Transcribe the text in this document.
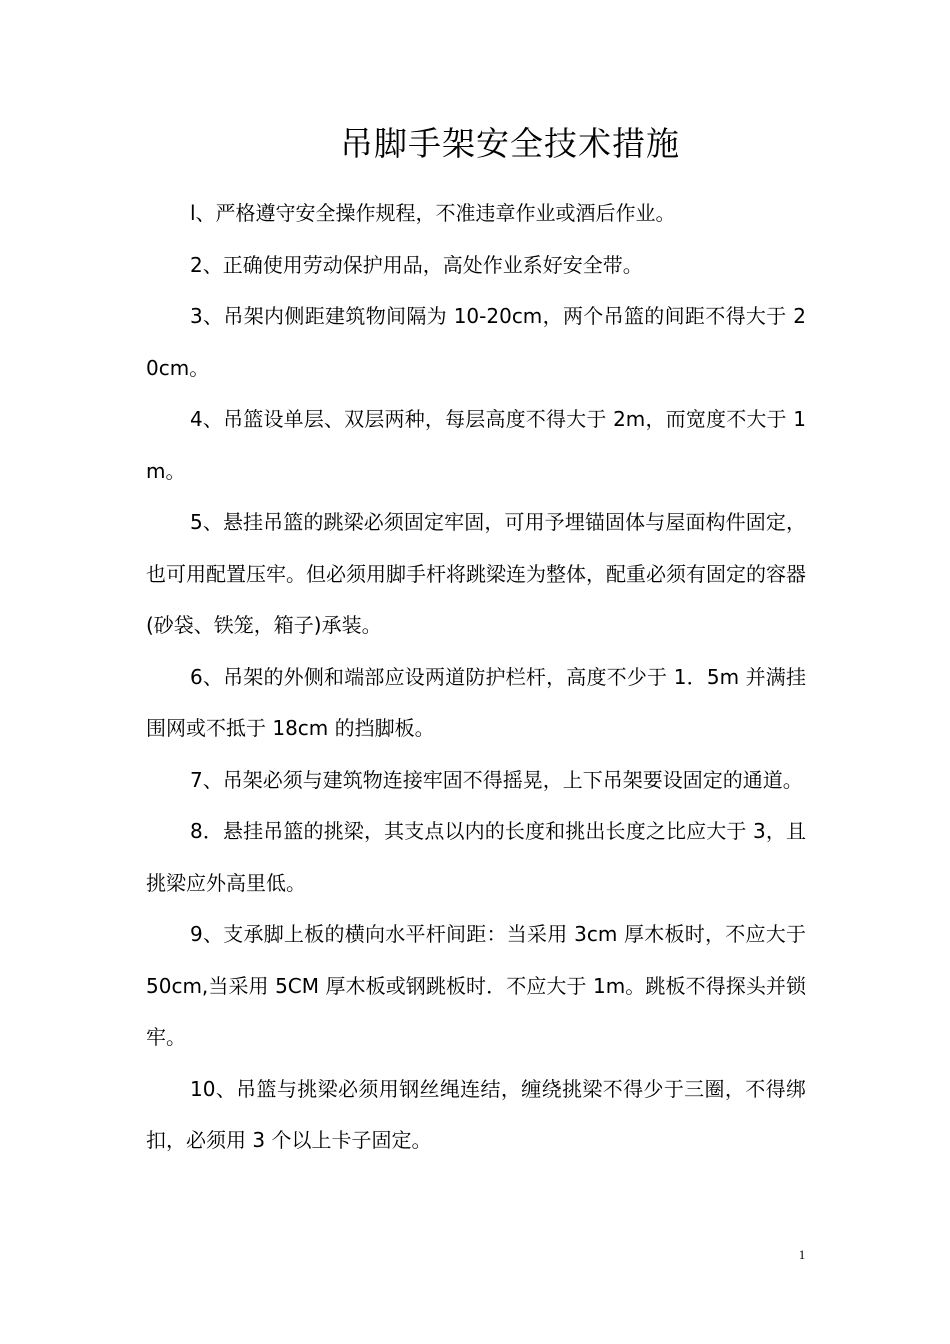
吊脚手架安全技术措施

l、严格遵守安全操作规程，不准违章作业或酒后作业。

2、正确使用劳动保护用品，高处作业系好安全带。

3、吊架内侧距建筑物间隔为 10-20cm，两个吊篮的间距不得大于 20cm。

4、吊篮设单层、双层两种，每层高度不得大于 2m，而宽度不大于 1m。

5、悬挂吊篮的跳梁必须固定牢固，可用予埋锚固体与屋面构件固定，也可用配置压牢。但必须用脚手杆将跳梁连为整体，配重必须有固定的容器(砂袋、铁笼，箱子)承装。

6、吊架的外侧和端部应设两道防护栏杆，高度不少于 1．5m 并满挂围网或不抵于 18cm 的挡脚板。

7、吊架必须与建筑物连接牢固不得摇晃，上下吊架要设固定的通道。

8．悬挂吊篮的挑梁，其支点以内的长度和挑出长度之比应大于 3，且挑梁应外高里低。

9、支承脚上板的横向水平杆间距：当采用 3cm 厚木板时，不应大于 50cm,当采用 5CM 厚木板或钢跳板时．不应大于 1m。跳板不得探头并锁牢。

10、吊篮与挑梁必须用钢丝绳连结，缠绕挑梁不得少于三圈，不得绑扣，必须用 3 个以上卡子固定。

1
